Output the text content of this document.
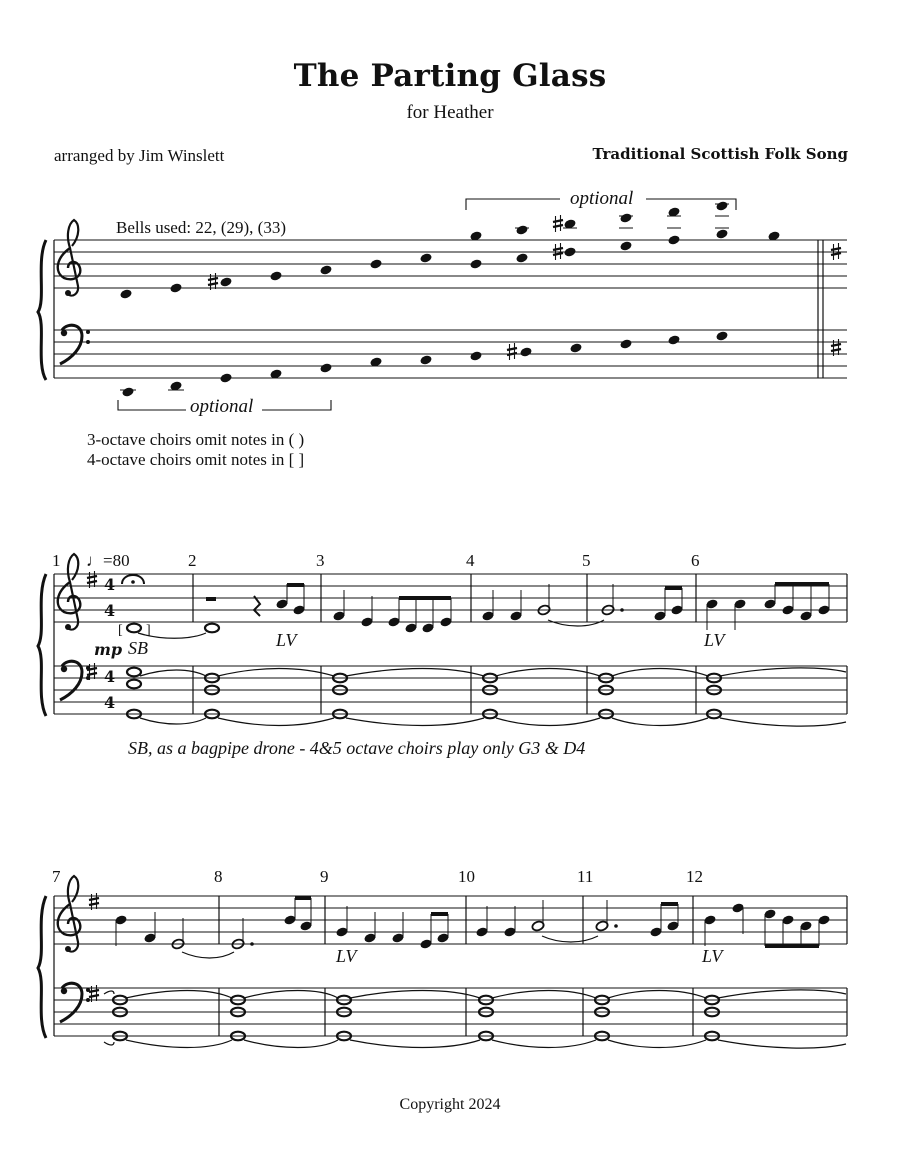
The Parting Glass
for Heather
arranged by Jim Winslett	Traditional Scottish Folk Song
Bells used: 22, (29), (33)
3-octave choirs omit notes in ( )
4-octave choirs omit notes in [ ]
optional
optional
4
4
4
4
1	2	3	4	5	6
♩=80
[ ]
mp SB	LV	LV
SB, as a bagpipe drone - 4&5 octave choirs play only G3 & D4
7	8	9	10	11	12
LV	LV
Copyright 2024
